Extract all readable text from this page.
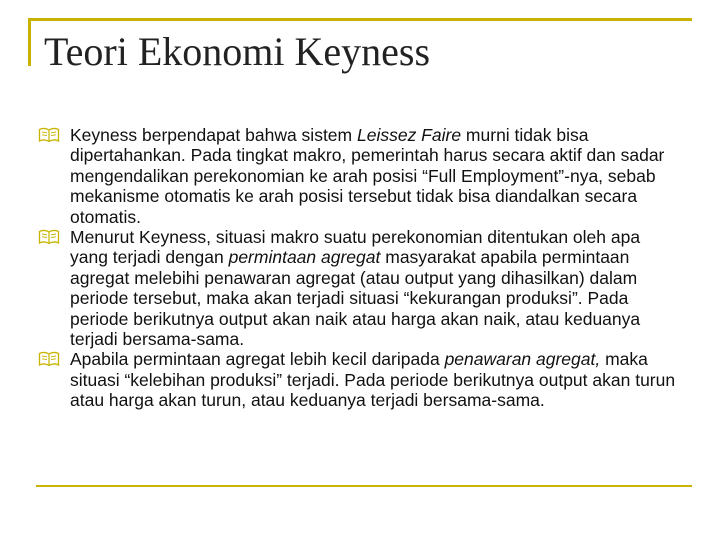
Teori Ekonomi Keyness
Keyness berpendapat bahwa sistem Leissez Faire murni tidak bisa dipertahankan. Pada tingkat makro, pemerintah harus secara aktif dan sadar mengendalikan perekonomian ke arah posisi “Full Employment”-nya, sebab mekanisme otomatis ke arah posisi tersebut tidak bisa diandalkan secara otomatis.
Menurut Keyness, situasi makro suatu perekonomian ditentukan oleh apa yang terjadi dengan permintaan agregat masyarakat apabila permintaan agregat melebihi penawaran agregat (atau output yang dihasilkan) dalam periode tersebut, maka akan terjadi situasi “kekurangan produksi”. Pada periode berikutnya output akan naik atau harga akan naik, atau keduanya terjadi bersama-sama.
Apabila permintaan agregat lebih kecil daripada penawaran agregat, maka situasi “kelebihan produksi” terjadi. Pada periode berikutnya output akan turun atau harga akan turun, atau keduanya terjadi bersama-sama.
